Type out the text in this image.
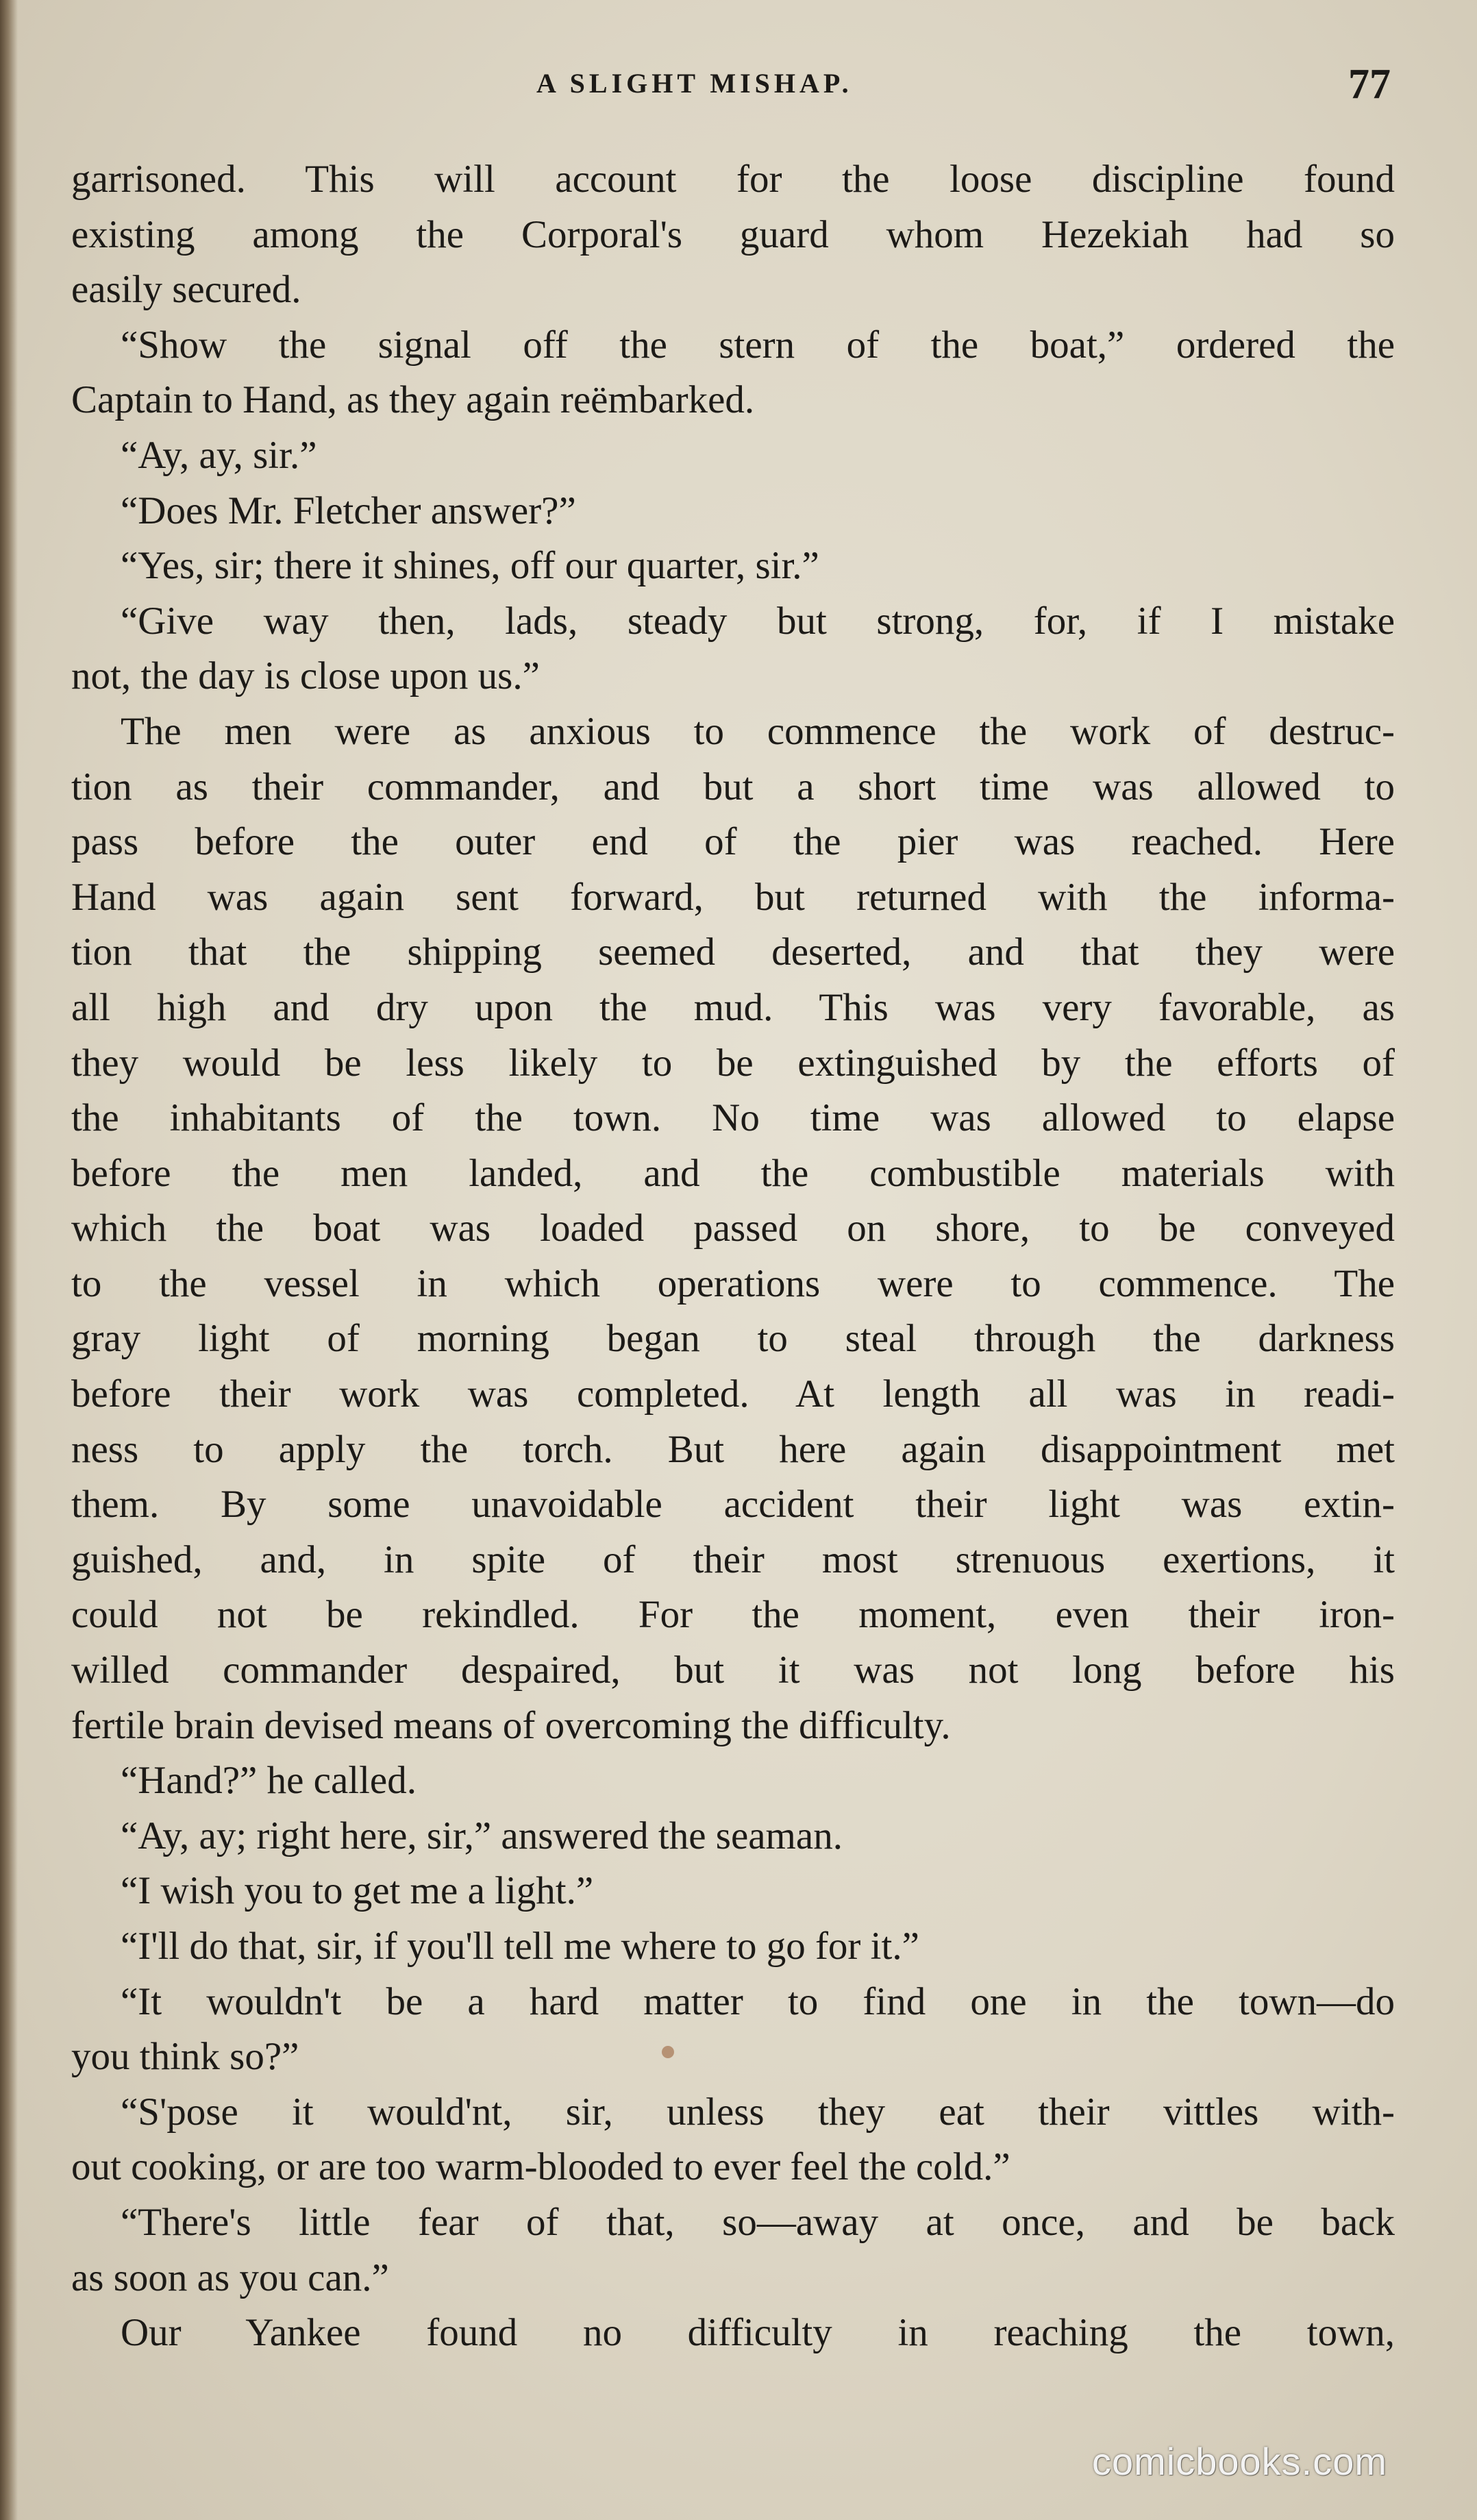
A SLIGHT MISHAP.	77
garrisoned. This will account for the loose discipline found
existing among the Corporal's guard whom Hezekiah had so
easily secured.
“Show the signal off the stern of the boat,” ordered the
Captain to Hand, as they again reëmbarked.
“Ay, ay, sir.”
“Does Mr. Fletcher answer?”
“Yes, sir; there it shines, off our quarter, sir.”
“Give way then, lads, steady but strong, for, if I mistake
not, the day is close upon us.”
The men were as anxious to commence the work of destruc-
tion as their commander, and but a short time was allowed to
pass before the outer end of the pier was reached. Here
Hand was again sent forward, but returned with the informa-
tion that the shipping seemed deserted, and that they were
all high and dry upon the mud. This was very favorable, as
they would be less likely to be extinguished by the efforts of
the inhabitants of the town. No time was allowed to elapse
before the men landed, and the combustible materials with
which the boat was loaded passed on shore, to be conveyed
to the vessel in which operations were to commence. The
gray light of morning began to steal through the darkness
before their work was completed. At length all was in readi-
ness to apply the torch. But here again disappointment met
them. By some unavoidable accident their light was extin-
guished, and, in spite of their most strenuous exertions, it
could not be rekindled. For the moment, even their iron-
willed commander despaired, but it was not long before his
fertile brain devised means of overcoming the difficulty.
“Hand?” he called.
“Ay, ay; right here, sir,” answered the seaman.
“I wish you to get me a light.”
“I'll do that, sir, if you'll tell me where to go for it.”
“It wouldn't be a hard matter to find one in the town—do
you think so?”
“S'pose it would'nt, sir, unless they eat their vittles with-
out cooking, or are too warm-blooded to ever feel the cold.”
“There's little fear of that, so—away at once, and be back
as soon as you can.”
Our Yankee found no difficulty in reaching the town,
comicbooks.com
